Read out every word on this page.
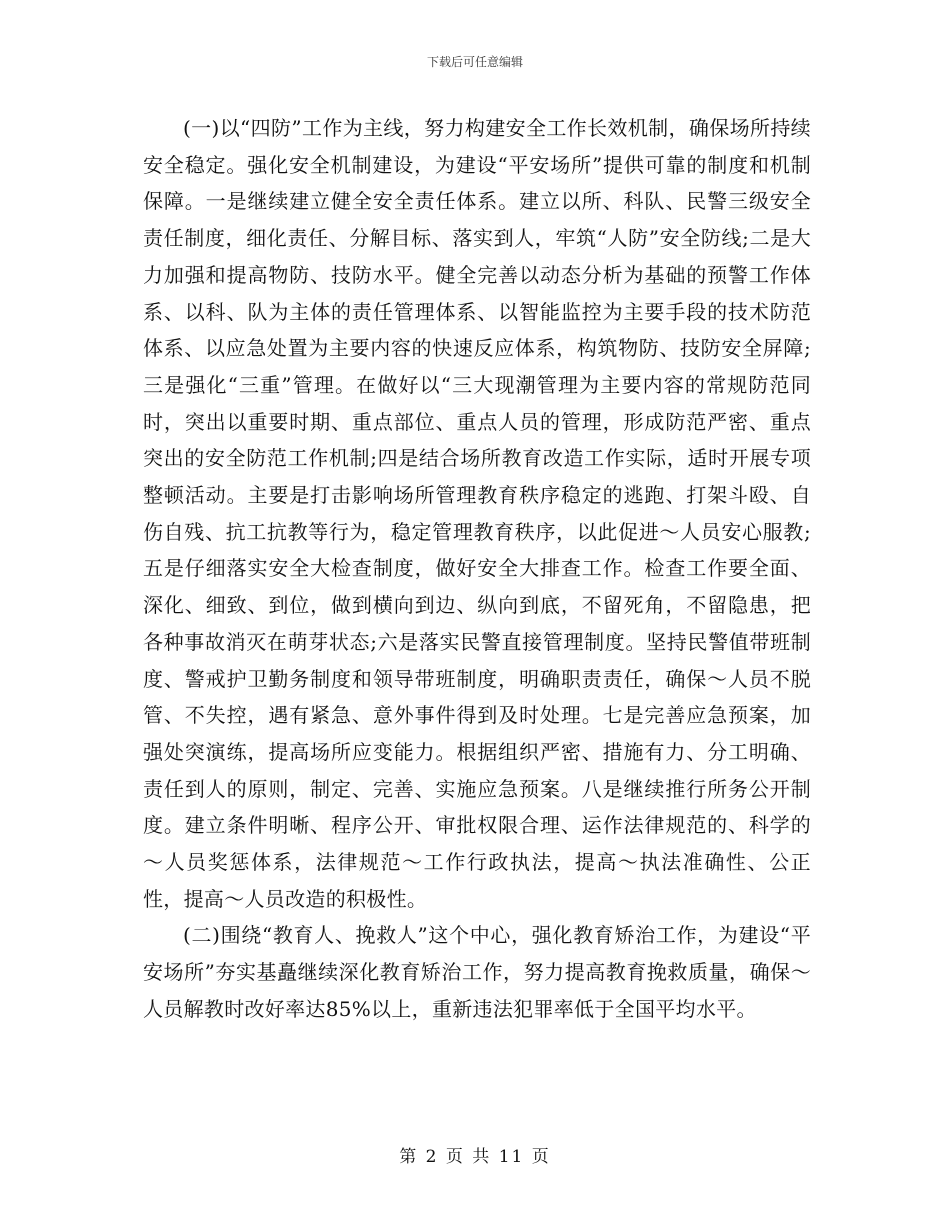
下载后可任意编辑

(一)以“四防”工作为主线，努力构建安全工作长效机制，确保场所持续安全稳定。强化安全机制建设，为建设“平安场所”提供可靠的制度和机制保障。一是继续建立健全安全责任体系。建立以所、科队、民警三级安全责任制度，细化责任、分解目标、落实到人，牢筑“人防”安全防线;二是大力加强和提高物防、技防水平。健全完善以动态分析为基础的预警工作体系、以科、队为主体的责任管理体系、以智能监控为主要手段的技术防范体系、以应急处置为主要内容的快速反应体系，构筑物防、技防安全屏障;三是强化“三重”管理。在做好以“三大现潮管理为主要内容的常规防范同时，突出以重要时期、重点部位、重点人员的管理，形成防范严密、重点突出的安全防范工作机制;四是结合场所教育改造工作实际，适时开展专项整顿活动。主要是打击影响场所管理教育秩序稳定的逃跑、打架斗殴、自伤自残、抗工抗教等行为，稳定管理教育秩序，以此促进～人员安心服教;五是仔细落实安全大检查制度，做好安全大排查工作。检查工作要全面、深化、细致、到位，做到横向到边、纵向到底，不留死角，不留隐患，把各种事故消灭在萌芽状态;六是落实民警直接管理制度。坚持民警值带班制度、警戒护卫勤务制度和领导带班制度，明确职责责任，确保～人员不脱管、不失控，遇有紧急、意外事件得到及时处理。七是完善应急预案，加强处突演练，提高场所应变能力。根据组织严密、措施有力、分工明确、责任到人的原则，制定、完善、实施应急预案。八是继续推行所务公开制度。建立条件明晰、程序公开、审批权限合理、运作法律规范的、科学的～人员奖惩体系，法律规范～工作行政执法，提高～执法准确性、公正性，提高～人员改造的积极性。

(二)围绕“教育人、挽救人”这个中心，强化教育矫治工作，为建设“平安场所”夯实基矗继续深化教育矫治工作，努力提高教育挽救质量，确保～人员解教时改好率达85%以上，重新违法犯罪率低于全国平均水平。

第 2 页 共 11 页
